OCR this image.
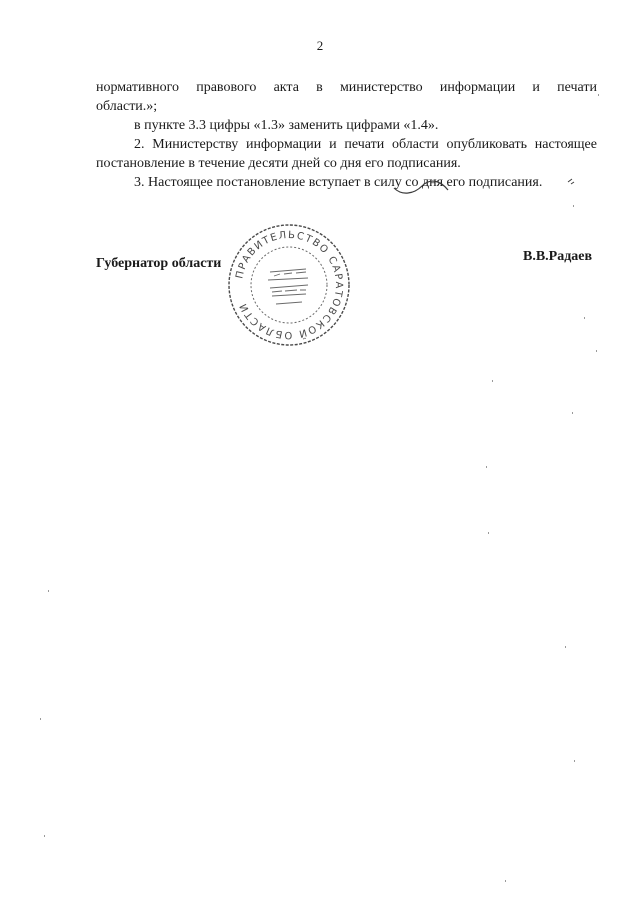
2

нормативного правового акта в министерство информации и печати

области.»;

в пункте 3.3 цифры «1.3» заменить цифрами «1.4».

2. Министерству информации и печати области опубликовать настоящее постановление в течение десяти дней со дня его подписания.

3. Настоящее постановление вступает в силу со дня его подписания.

Губернатор области
ПРАВИТЕЛЬСТВО САРАТОВСКОЙ ОБЛАСТИ
В.В.Радаев
